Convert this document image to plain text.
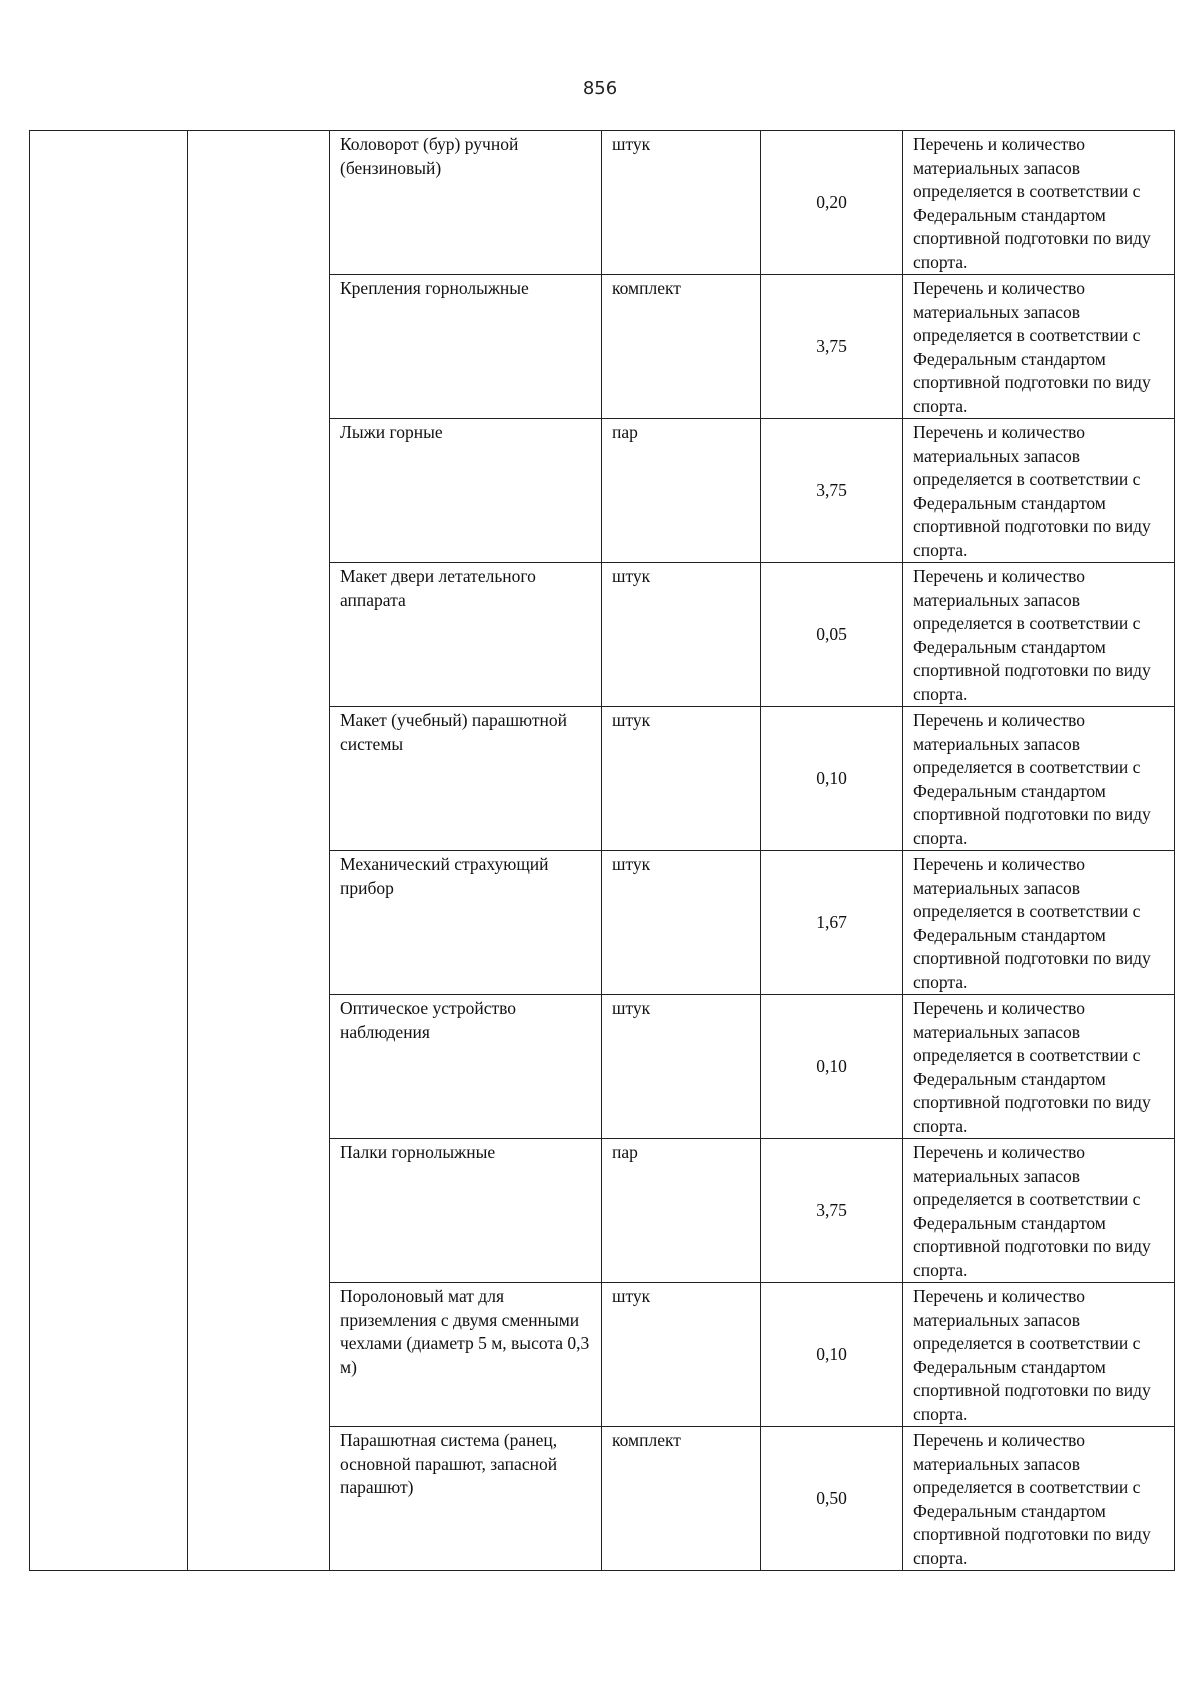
856
		Коловорот (бур) ручной (бензиновый)	штук	0,20	Перечень и количество материальных запасов определяется в соответствии с Федеральным стандартом спортивной подготовки по виду спорта.
		Крепления горнолыжные	комплект	3,75	Перечень и количество материальных запасов определяется в соответствии с Федеральным стандартом спортивной подготовки по виду спорта.
		Лыжи горные	пар	3,75	Перечень и количество материальных запасов определяется в соответствии с Федеральным стандартом спортивной подготовки по виду спорта.
		Макет двери летательного аппарата	штук	0,05	Перечень и количество материальных запасов определяется в соответствии с Федеральным стандартом спортивной подготовки по виду спорта.
		Макет (учебный) парашютной системы	штук	0,10	Перечень и количество материальных запасов определяется в соответствии с Федеральным стандартом спортивной подготовки по виду спорта.
		Механический страхующий прибор	штук	1,67	Перечень и количество материальных запасов определяется в соответствии с Федеральным стандартом спортивной подготовки по виду спорта.
		Оптическое устройство наблюдения	штук	0,10	Перечень и количество материальных запасов определяется в соответствии с Федеральным стандартом спортивной подготовки по виду спорта.
		Палки горнолыжные	пар	3,75	Перечень и количество материальных запасов определяется в соответствии с Федеральным стандартом спортивной подготовки по виду спорта.
		Поролоновый мат для приземления с двумя сменными чехлами (диаметр 5 м, высота 0,3 м)	штук	0,10	Перечень и количество материальных запасов определяется в соответствии с Федеральным стандартом спортивной подготовки по виду спорта.
		Парашютная система (ранец, основной парашют, запасной парашют)	комплект	0,50	Перечень и количество материальных запасов определяется в соответствии с Федеральным стандартом спортивной подготовки по виду спорта.
